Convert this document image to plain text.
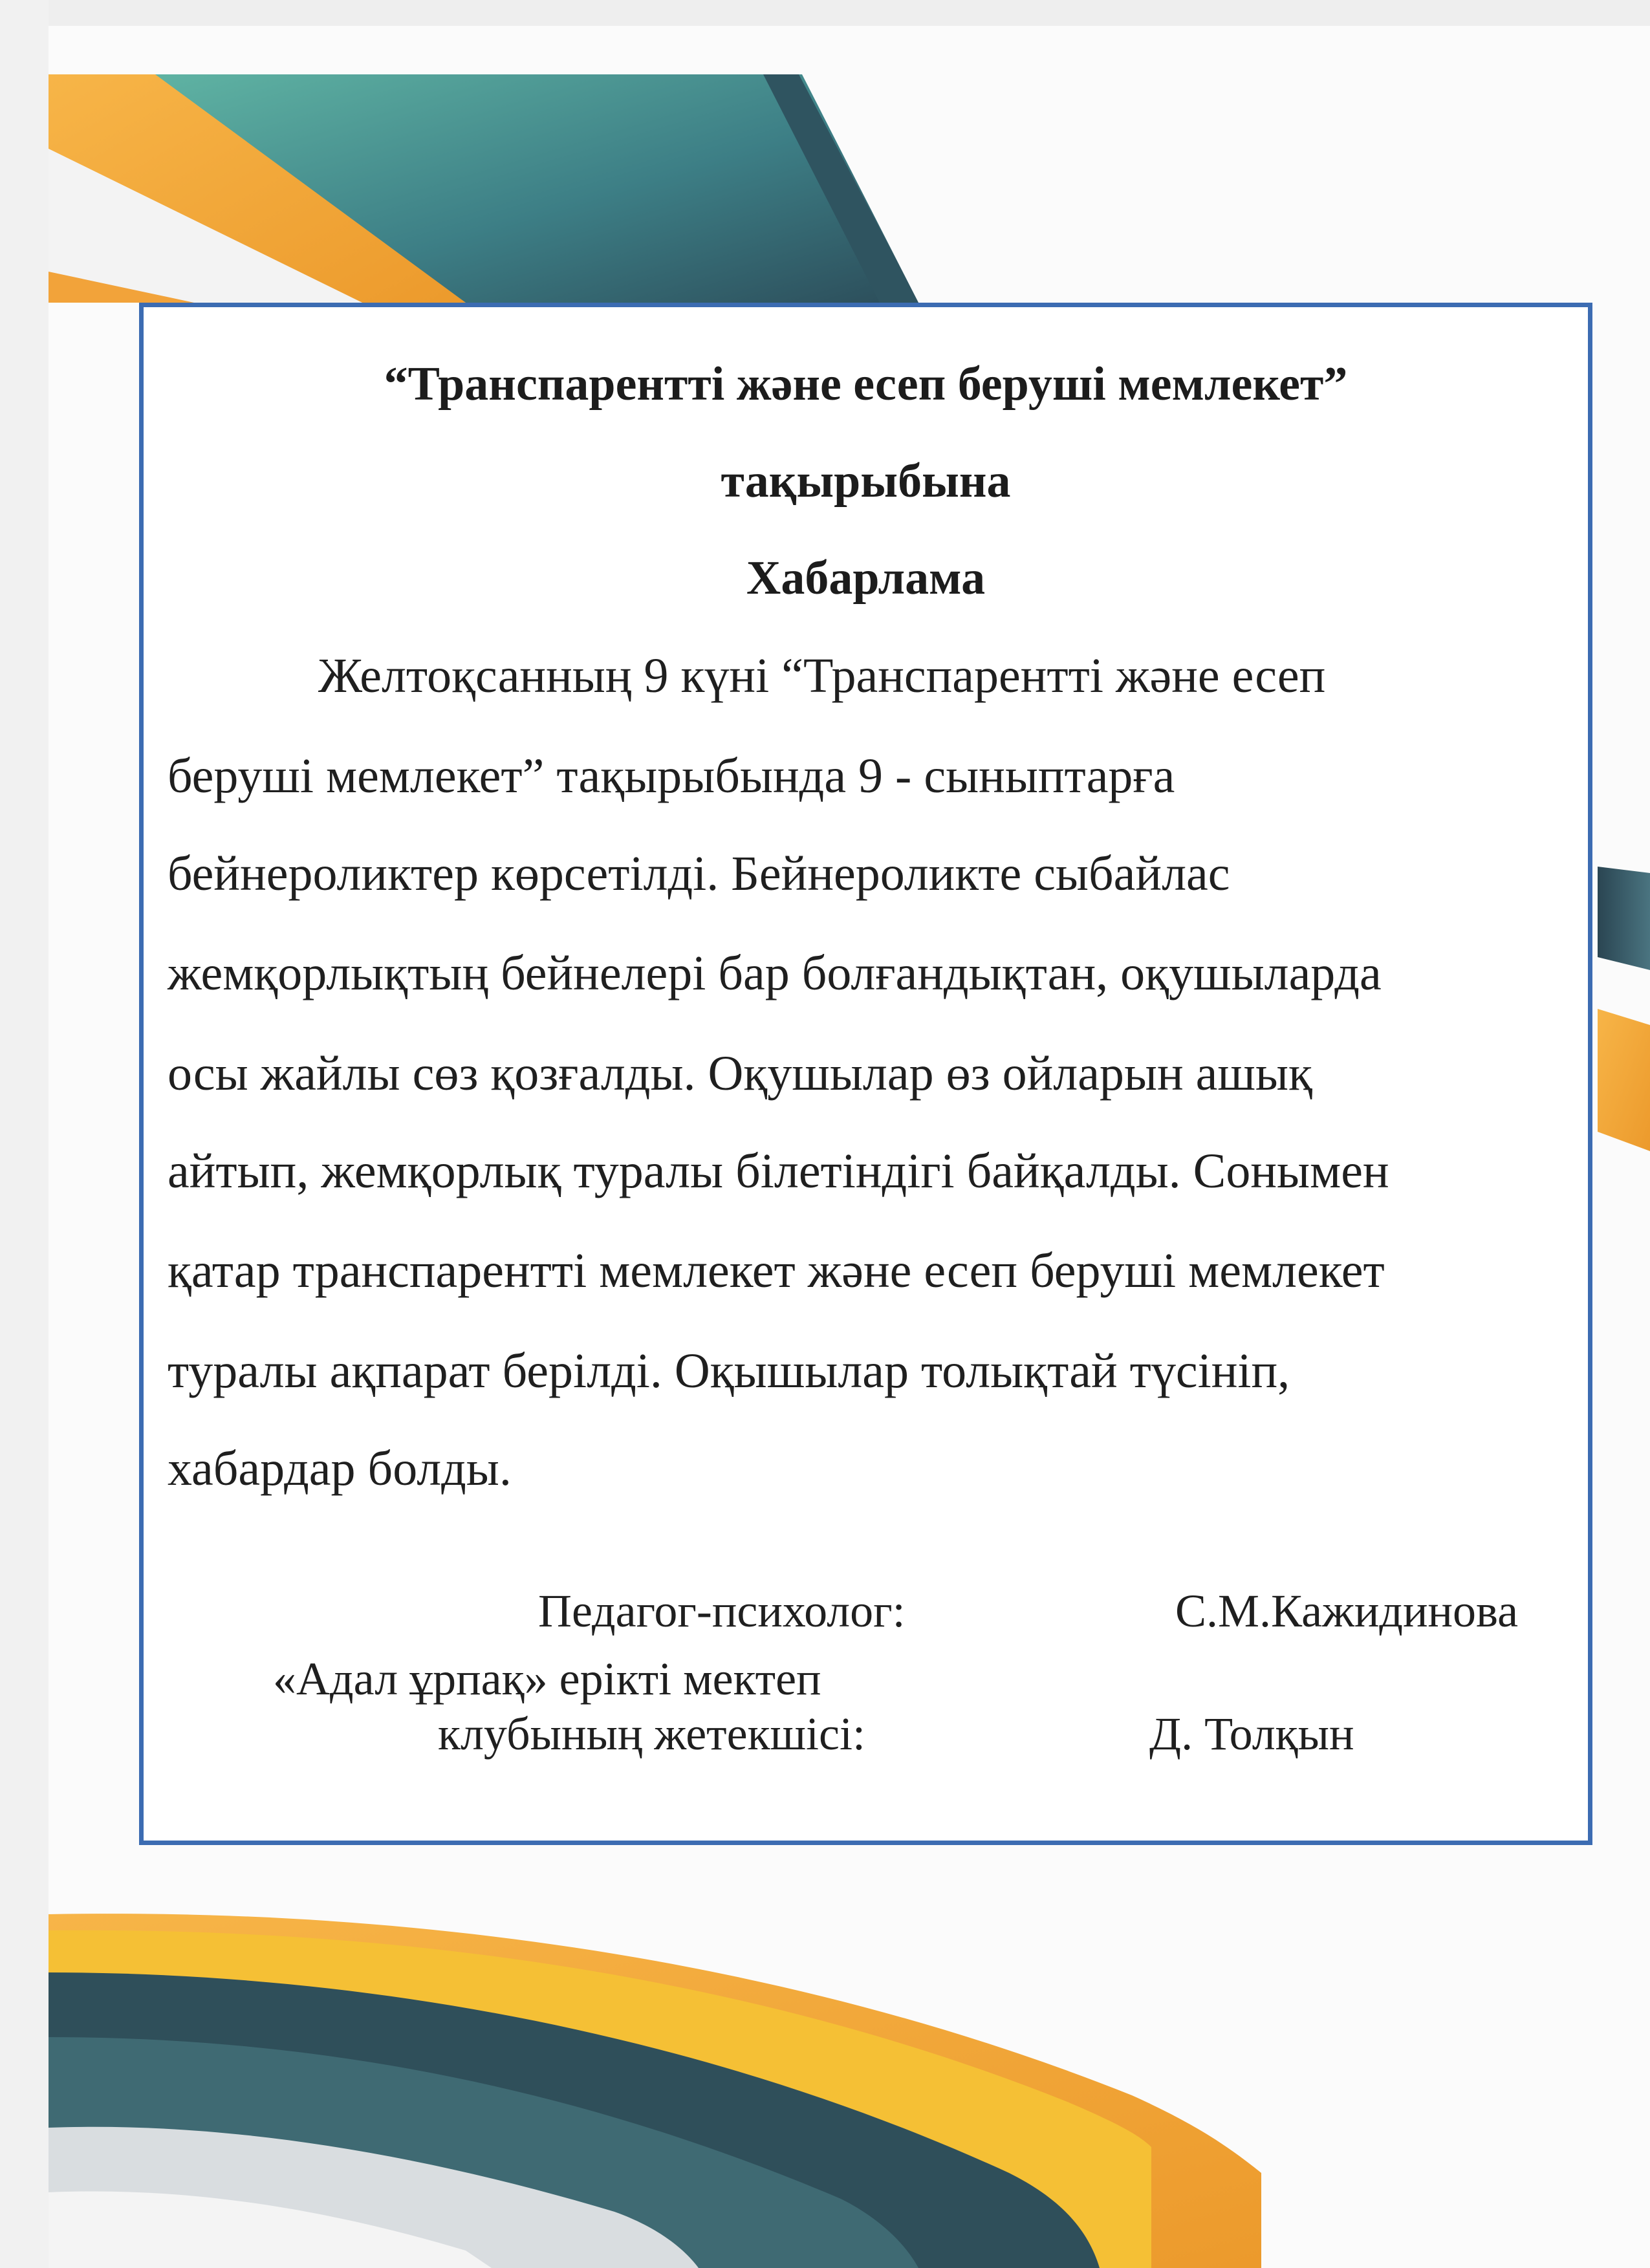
“Транспарентті және есеп беруші мемлекет”
тақырыбына
Хабарлама
Желтоқсанның 9 күні “Транспарентті және есеп
беруші мемлекет” тақырыбында 9 - сыныптарға
бейнероликтер көрсетілді. Бейнероликте сыбайлас
жемқорлықтың бейнелері бар болғандықтан, оқушыларда
осы жайлы сөз қозғалды. Оқушылар өз ойларын ашық
айтып, жемқорлық туралы білетіндігі байқалды. Сонымен
қатар транспарентті мемлекет және есеп беруші мемлекет
туралы ақпарат берілді. Оқышылар толықтай түсініп,
хабардар болды.
Педагог-психолог:	С.М.Кажидинова
«Адал ұрпақ» ерікті мектеп
клубының жетекшісі:	Д. Толқын
